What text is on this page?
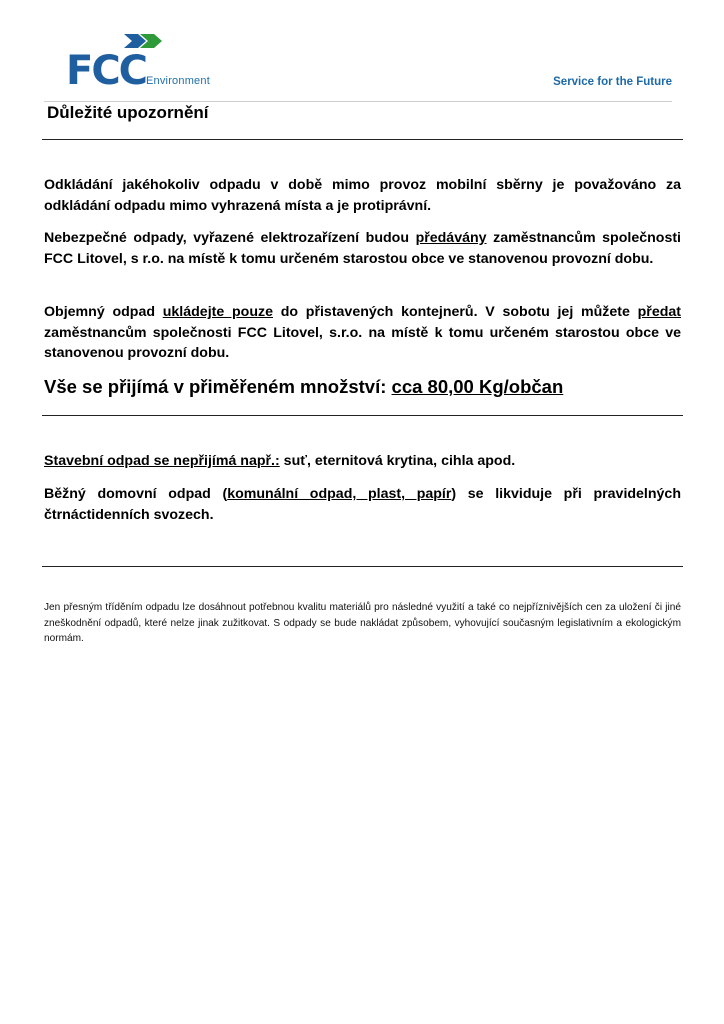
FCC Environment	Service for the Future
Důležité upozornění
Odkládání jakéhokoliv odpadu v době mimo provoz mobilní sběrny je považováno za odkládání odpadu mimo vyhrazená místa a je protiprávní.
Nebezpečné odpady, vyřazené elektrozařízení budou předávány zaměstnancům společnosti FCC Litovel, s r.o. na místě k tomu určeném starostou obce ve stanovenou provozní dobu.
Objemný odpad ukládejte pouze do přistavených kontejnerů. V sobotu jej můžete předat zaměstnancům společnosti FCC Litovel, s.r.o. na místě k tomu určeném starostou obce ve stanovenou provozní dobu.
Vše se přijímá v přiměřeném množství: cca 80,00 Kg/občan
Stavební odpad se nepřijímá např.: suť, eternitová krytina, cihla apod.
Běžný domovní odpad (komunální odpad, plast, papír) se likviduje při pravidelných čtrnáctidenních svozech.
Jen přesným tříděním odpadu lze dosáhnout potřebnou kvalitu materiálů pro následné využití a také co nejpříznivějších cen za uložení či jiné zneškodnění odpadů, které nelze jinak zužitkovat. S odpady se bude nakládat způsobem, vyhovující současným legislativním a ekologickým normám.
